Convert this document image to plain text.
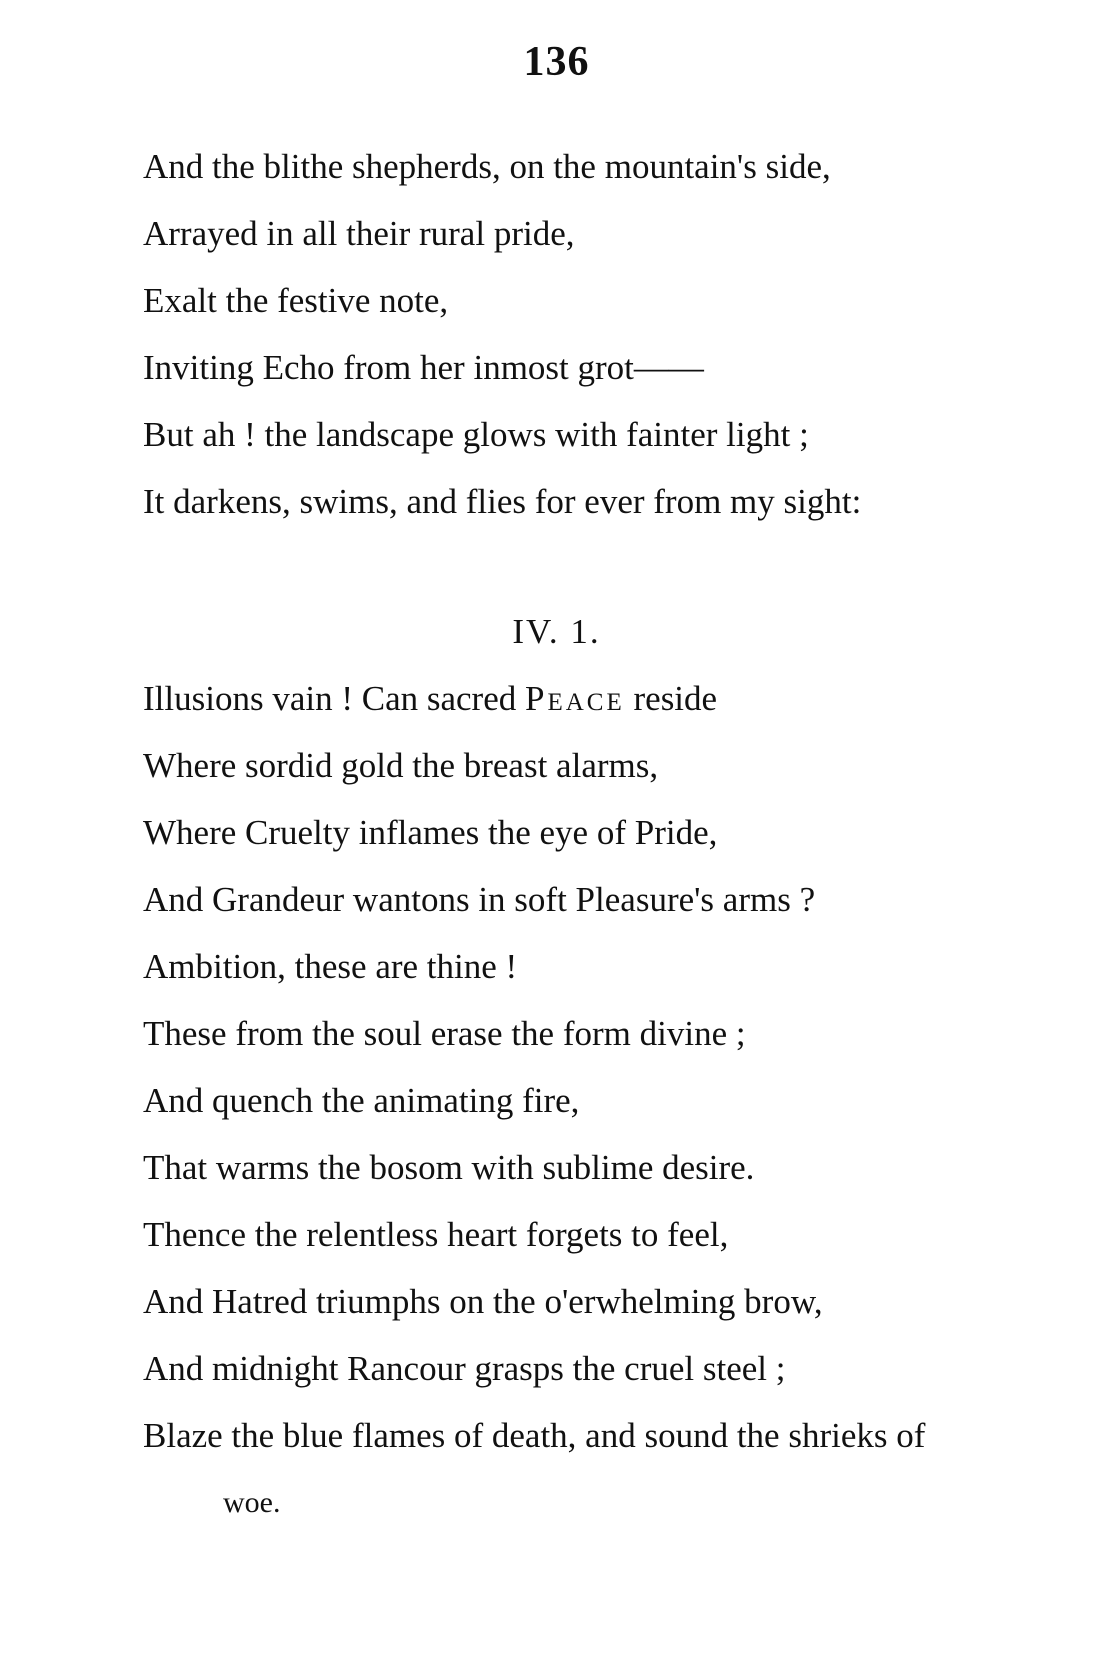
136
And the blithe shepherds, on the mountain's side,
Arrayed in all their rural pride,
Exalt the festive note,
Inviting Echo from her inmost grot——
But ah ! the landscape glows with fainter light ;
It darkens, swims, and flies for ever from my sight:
IV. 1.
Illusions vain ! Can sacred Peace reside
Where sordid gold the breast alarms,
Where Cruelty inflames the eye of Pride,
And Grandeur wantons in soft Pleasure's arms ?
Ambition, these are thine !
These from the soul erase the form divine ;
And quench the animating fire,
That warms the bosom with sublime desire.
Thence the relentless heart forgets to feel,
And Hatred triumphs on the o'erwhelming brow,
And midnight Rancour grasps the cruel steel ;
Blaze the blue flames of death, and sound the shrieks of
woe.
